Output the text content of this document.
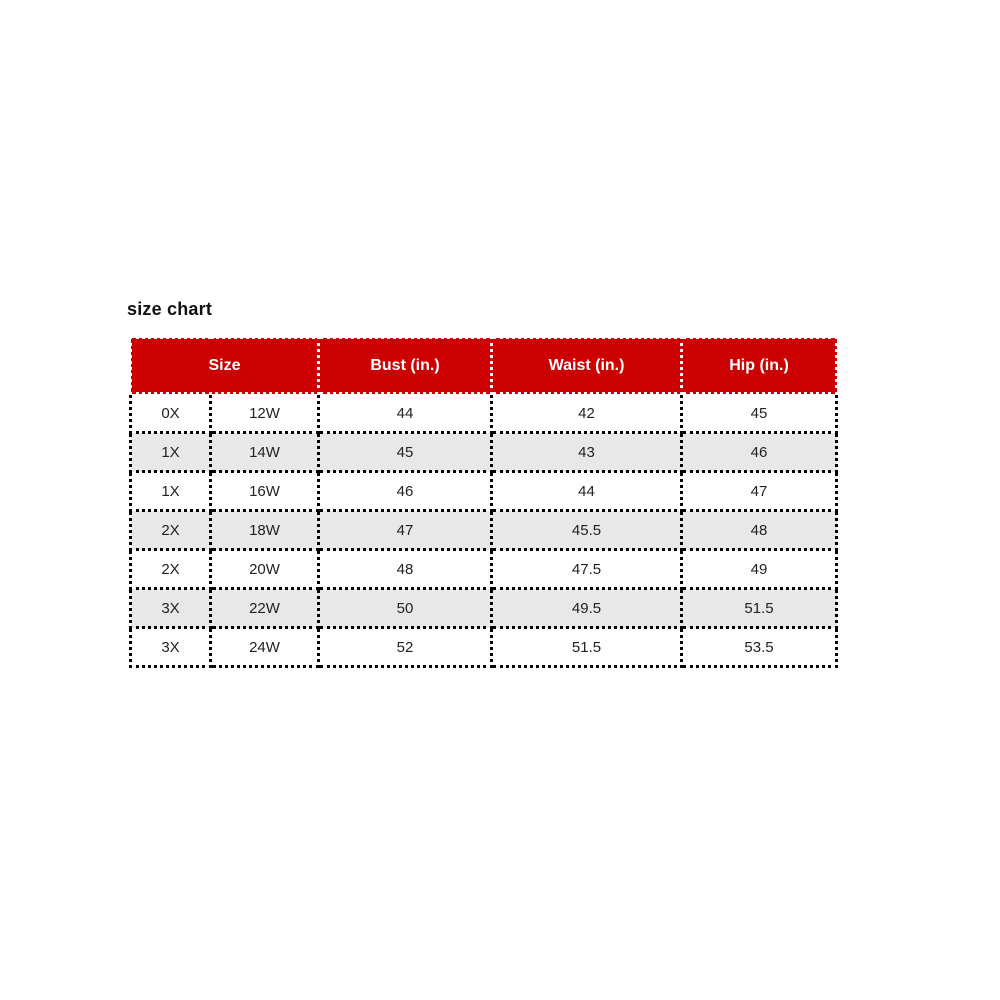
size chart
Size		Bust (in.)	Waist (in.)	Hip (in.)
0X	12W	44	42	45
1X	14W	45	43	46
1X	16W	46	44	47
2X	18W	47	45.5	48
2X	20W	48	47.5	49
3X	22W	50	49.5	51.5
3X	24W	52	51.5	53.5
